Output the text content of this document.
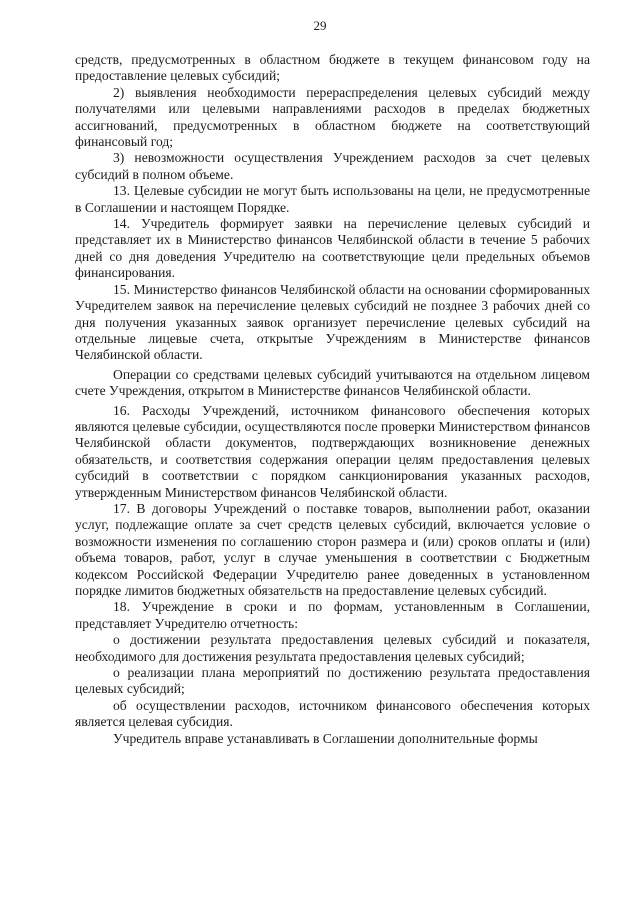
29

средств, предусмотренных в областном бюджете в текущем финансовом году на предоставление целевых субсидий;

2) выявления необходимости перераспределения целевых субсидий между получателями или целевыми направлениями расходов в пределах бюджетных ассигнований, предусмотренных в областном бюджете на соответствующий финансовый год;

3) невозможности осуществления Учреждением расходов за счет целевых субсидий в полном объеме.

13. Целевые субсидии не могут быть использованы на цели, не предусмотренные в Соглашении и настоящем Порядке.

14. Учредитель формирует заявки на перечисление целевых субсидий и представляет их в Министерство финансов Челябинской области в течение 5 рабочих дней со дня доведения Учредителю на соответствующие цели предельных объемов финансирования.

15. Министерство финансов Челябинской области на основании сформированных Учредителем заявок на перечисление целевых субсидий не позднее 3 рабочих дней со дня получения указанных заявок организует перечисление целевых субсидий на отдельные лицевые счета, открытые Учреждениям в Министерстве финансов Челябинской области.

Операции со средствами целевых субсидий учитываются на отдельном лицевом счете Учреждения, открытом в Министерстве финансов Челябинской области.

16. Расходы Учреждений, источником финансового обеспечения которых являются целевые субсидии, осуществляются после проверки Министерством финансов Челябинской области документов, подтверждающих возникновение денежных обязательств, и соответствия содержания операции целям предоставления целевых субсидий в соответствии с порядком санкционирования указанных расходов, утвержденным Министерством финансов Челябинской области.

17. В договоры Учреждений о поставке товаров, выполнении работ, оказании услуг, подлежащие оплате за счет средств целевых субсидий, включается условие о возможности изменения по соглашению сторон размера и (или) сроков оплаты и (или) объема товаров, работ, услуг в случае уменьшения в соответствии с Бюджетным кодексом Российской Федерации Учредителю ранее доведенных в установленном порядке лимитов бюджетных обязательств на предоставление целевых субсидий.

18. Учреждение в сроки и по формам, установленным в Соглашении, представляет Учредителю отчетность:

о достижении результата предоставления целевых субсидий и показателя, необходимого для достижения результата предоставления целевых субсидий;

о реализации плана мероприятий по достижению результата предоставления целевых субсидий;

об осуществлении расходов, источником финансового обеспечения которых является целевая субсидия.

Учредитель вправе устанавливать в Соглашении дополнительные формы
